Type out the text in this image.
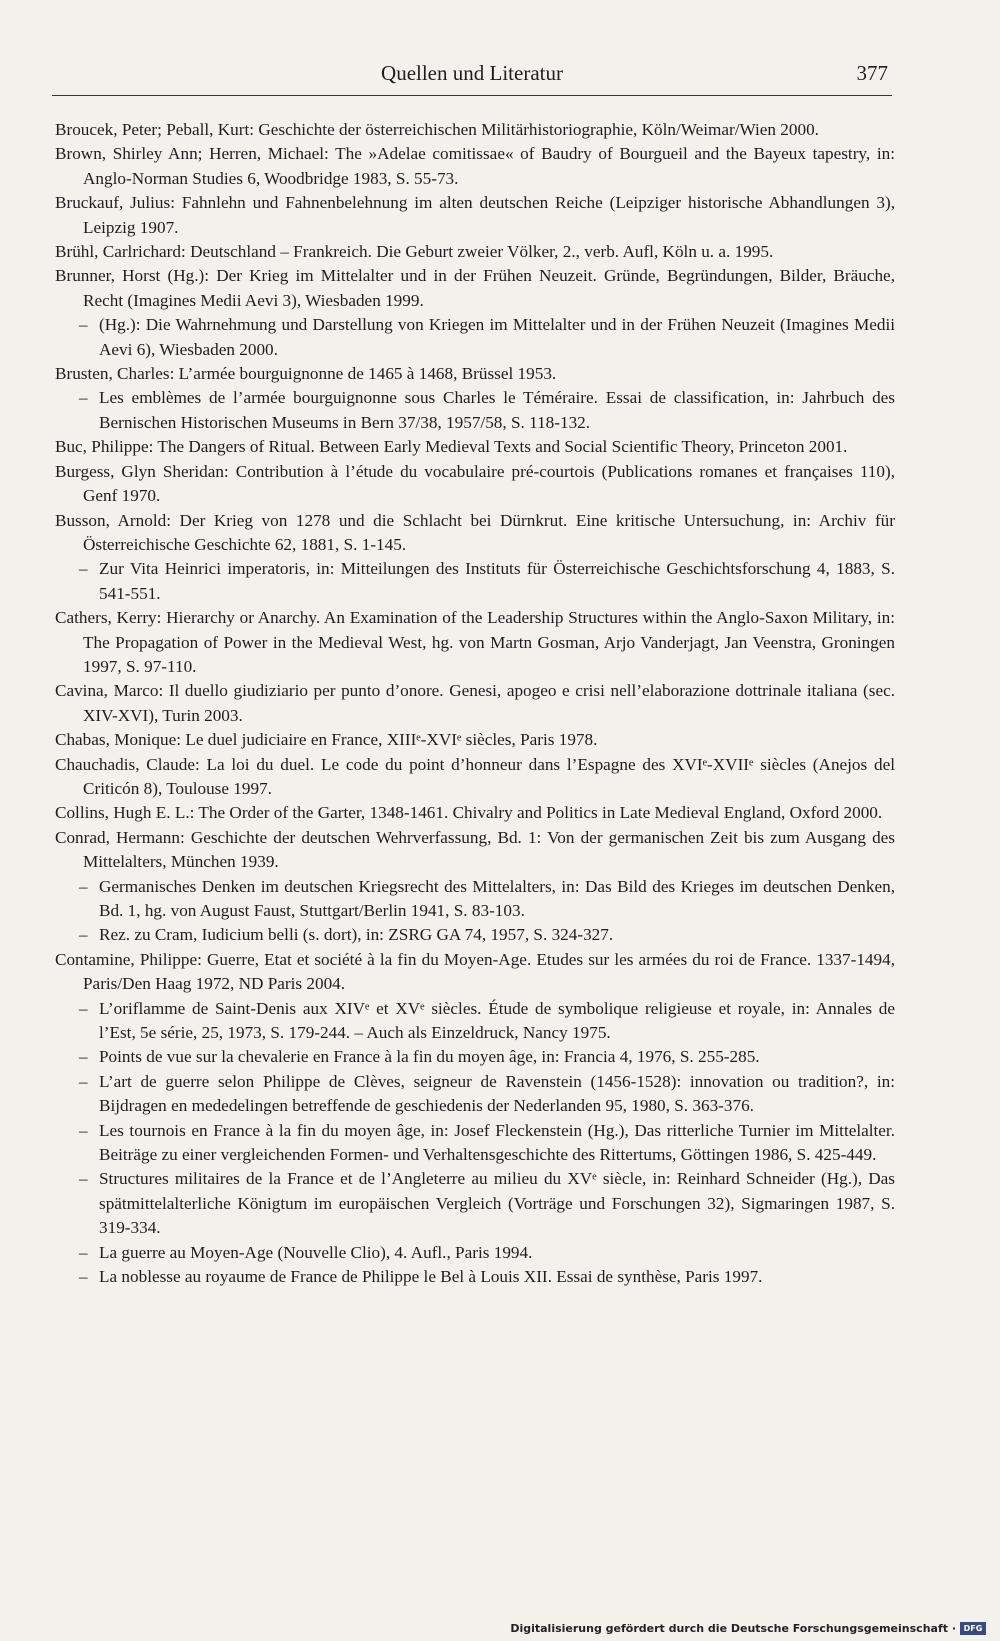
Quellen und Literatur	377

Broucek, Peter; Peball, Kurt: Geschichte der österreichischen Militärhistoriographie, Köln/Weimar/Wien 2000.

Brown, Shirley Ann; Herren, Michael: The »Adelae comitissae« of Baudry of Bourgueil and the Bayeux tapestry, in: Anglo-Norman Studies 6, Woodbridge 1983, S. 55-73.

Bruckauf, Julius: Fahnlehn und Fahnenbelehnung im alten deutschen Reiche (Leipziger historische Abhandlungen 3), Leipzig 1907.

Brühl, Carlrichard: Deutschland – Frankreich. Die Geburt zweier Völker, 2., verb. Aufl, Köln u. a. 1995.

Brunner, Horst (Hg.): Der Krieg im Mittelalter und in der Frühen Neuzeit. Gründe, Begründungen, Bilder, Bräuche, Recht (Imagines Medii Aevi 3), Wiesbaden 1999.

– (Hg.): Die Wahrnehmung und Darstellung von Kriegen im Mittelalter und in der Frühen Neuzeit (Imagines Medii Aevi 6), Wiesbaden 2000.

Brusten, Charles: L’armée bourguignonne de 1465 à 1468, Brüssel 1953.

– Les emblèmes de l’armée bourguignonne sous Charles le Téméraire. Essai de classification, in: Jahrbuch des Bernischen Historischen Museums in Bern 37/38, 1957/58, S. 118-132.

Buc, Philippe: The Dangers of Ritual. Between Early Medieval Texts and Social Scientific Theory, Princeton 2001.

Burgess, Glyn Sheridan: Contribution à l’étude du vocabulaire pré-courtois (Publications romanes et françaises 110), Genf 1970.

Busson, Arnold: Der Krieg von 1278 und die Schlacht bei Dürnkrut. Eine kritische Untersuchung, in: Archiv für Österreichische Geschichte 62, 1881, S. 1-145.

– Zur Vita Heinrici imperatoris, in: Mitteilungen des Instituts für Österreichische Geschichtsforschung 4, 1883, S. 541-551.

Cathers, Kerry: Hierarchy or Anarchy. An Examination of the Leadership Structures within the Anglo-Saxon Military, in: The Propagation of Power in the Medieval West, hg. von Martn Gosman, Arjo Vanderjagt, Jan Veenstra, Groningen 1997, S. 97-110.

Cavina, Marco: Il duello giudiziario per punto d’onore. Genesi, apogeo e crisi nell’elaborazione dottrinale italiana (sec. XIV-XVI), Turin 2003.

Chabas, Monique: Le duel judiciaire en France, XIIIᵉ-XVIᵉ siècles, Paris 1978.

Chauchadis, Claude: La loi du duel. Le code du point d’honneur dans l’Espagne des XVIᵉ-XVIIᵉ siècles (Anejos del Criticón 8), Toulouse 1997.

Collins, Hugh E. L.: The Order of the Garter, 1348-1461. Chivalry and Politics in Late Medieval England, Oxford 2000.

Conrad, Hermann: Geschichte der deutschen Wehrverfassung, Bd. 1: Von der germanischen Zeit bis zum Ausgang des Mittelalters, München 1939.

– Germanisches Denken im deutschen Kriegsrecht des Mittelalters, in: Das Bild des Krieges im deutschen Denken, Bd. 1, hg. von August Faust, Stuttgart/Berlin 1941, S. 83-103.

– Rez. zu Cram, Iudicium belli (s. dort), in: ZSRG GA 74, 1957, S. 324-327.

Contamine, Philippe: Guerre, Etat et société à la fin du Moyen-Age. Etudes sur les armées du roi de France. 1337-1494, Paris/Den Haag 1972, ND Paris 2004.

– L’oriflamme de Saint-Denis aux XIVᵉ et XVᵉ siècles. Étude de symbolique religieuse et royale, in: Annales de l’Est, 5e série, 25, 1973, S. 179-244. – Auch als Einzeldruck, Nancy 1975.

– Points de vue sur la chevalerie en France à la fin du moyen âge, in: Francia 4, 1976, S. 255-285.

– L’art de guerre selon Philippe de Clèves, seigneur de Ravenstein (1456-1528): innovation ou tradition?, in: Bijdragen en mededelingen betreffende de geschiedenis der Nederlanden 95, 1980, S. 363-376.

– Les tournois en France à la fin du moyen âge, in: Josef Fleckenstein (Hg.), Das ritterliche Turnier im Mittelalter. Beiträge zu einer vergleichenden Formen- und Verhaltensgeschichte des Rittertums, Göttingen 1986, S. 425-449.

– Structures militaires de la France et de l’Angleterre au milieu du XVᵉ siècle, in: Reinhard Schneider (Hg.), Das spätmittelalterliche Königtum im europäischen Vergleich (Vorträge und Forschungen 32), Sigmaringen 1987, S. 319-334.

– La guerre au Moyen-Age (Nouvelle Clio), 4. Aufl., Paris 1994.

– La noblesse au royaume de France de Philippe le Bel à Louis XII. Essai de synthèse, Paris 1997.

Digitalisierung gefördert durch die Deutsche Forschungsgemeinschaft · DFG
